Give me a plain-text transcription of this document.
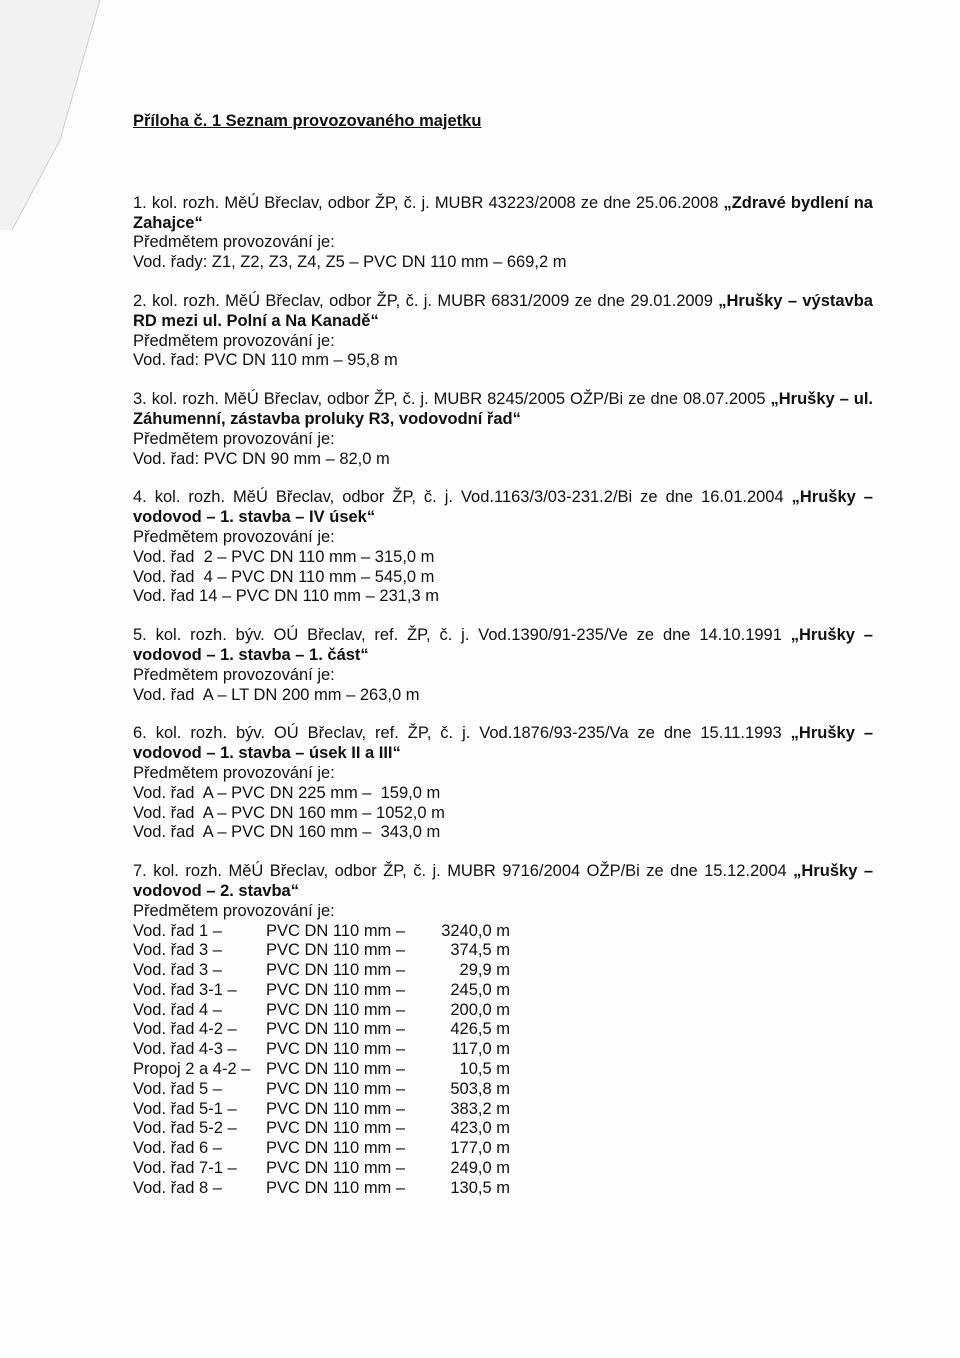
Příloha č. 1 Seznam provozovaného majetku
1. kol. rozh. MěÚ Břeclav, odbor ŽP, č. j. MUBR 43223/2008 ze dne 25.06.2008 „Zdravé bydlení na Zahajce“
Předmětem provozování je:
Vod. řady: Z1, Z2, Z3, Z4, Z5 – PVC DN 110 mm – 669,2 m
2. kol. rozh. MěÚ Břeclav, odbor ŽP, č. j. MUBR 6831/2009 ze dne 29.01.2009 „Hrušky – výstavba RD mezi ul. Polní a Na Kanadě“
Předmětem provozování je:
Vod. řad: PVC DN 110 mm – 95,8 m
3. kol. rozh. MěÚ Břeclav, odbor ŽP, č. j. MUBR 8245/2005 OŽP/Bi ze dne 08.07.2005 „Hrušky – ul. Záhumenní, zástavba proluky R3, vodovodní řad“
Předmětem provozování je:
Vod. řad: PVC DN 90 mm – 82,0 m
4. kol. rozh. MěÚ Břeclav, odbor ŽP, č. j. Vod.1163/3/03-231.2/Bi ze dne 16.01.2004 „Hrušky – vodovod – 1. stavba – IV úsek“
Předmětem provozování je:
Vod. řad  2 – PVC DN 110 mm – 315,0 m
Vod. řad  4 – PVC DN 110 mm – 545,0 m
Vod. řad 14 – PVC DN 110 mm – 231,3 m
5. kol. rozh. býv. OÚ Břeclav, ref. ŽP, č. j. Vod.1390/91-235/Ve ze dne 14.10.1991 „Hrušky – vodovod – 1. stavba – 1. část“
Předmětem provozování je:
Vod. řad  A – LT DN 200 mm – 263,0 m
6. kol. rozh. býv. OÚ Břeclav, ref. ŽP, č. j. Vod.1876/93-235/Va ze dne 15.11.1993 „Hrušky – vodovod – 1. stavba – úsek II a III“
Předmětem provozování je:
Vod. řad  A – PVC DN 225 mm –  159,0 m
Vod. řad  A – PVC DN 160 mm – 1052,0 m
Vod. řad  A – PVC DN 160 mm –  343,0 m
7. kol. rozh. MěÚ Břeclav, odbor ŽP, č. j. MUBR 9716/2004 OŽP/Bi ze dne 15.12.2004 „Hrušky – vodovod – 2. stavba“
Předmětem provozování je:
Vod. řad 1 –	PVC DN 110 mm –	3240,0 m
Vod. řad 3 –	PVC DN 110 mm –	374,5 m
Vod. řad 3 –	PVC DN 110 mm –	29,9 m
Vod. řad 3-1 –	PVC DN 110 mm –	245,0 m
Vod. řad 4 –	PVC DN 110 mm –	200,0 m
Vod. řad 4-2 –	PVC DN 110 mm –	426,5 m
Vod. řad 4-3 –	PVC DN 110 mm –	117,0 m
Propoj 2 a 4-2 – PVC DN 110 mm –	10,5 m
Vod. řad 5 –	PVC DN 110 mm –	503,8 m
Vod. řad 5-1 –	PVC DN 110 mm –	383,2 m
Vod. řad 5-2 –	PVC DN 110 mm –	423,0 m
Vod. řad 6 –	PVC DN 110 mm –	177,0 m
Vod. řad 7-1 –	PVC DN 110 mm –	249,0 m
Vod. řad 8 –	PVC DN 110 mm –	130,5 m
